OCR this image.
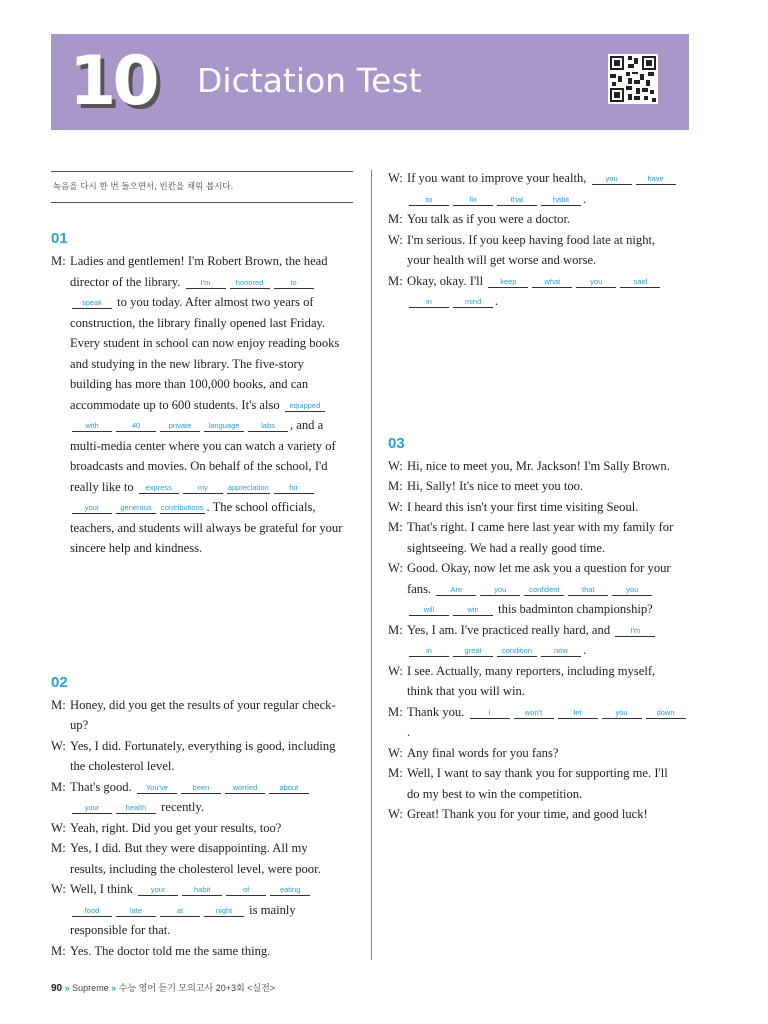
10 Dictation Test
녹음을 다시 한 번 들으면서, 빈칸을 채워 봅시다.
01
M: Ladies and gentlemen! I'm Robert Brown, the head
director of the library.	I'm	honored	to
speak to you today. After almost two years of
construction, the library finally opened last Friday.
Every student in school can now enjoy reading books
and studying in the new library. The five-story
building has more than 100,000 books, and can
accommodate up to 600 students. It's also equipped
with	40	private language	labs , and a
multi-media center where you can watch a variety of
broadcasts and movies. On behalf of the school, I'd
really like to express	my	appreciation	for
your	generous contributions . The school officials,
teachers, and students will always be grateful for your
sincere help and kindness.
02
M: Honey, did you get the results of your regular check-
up?
W: Yes, I did. Fortunately, everything is good, including
the cholesterol level.
M: That's good. You've	been	worried	about
your	health recently.
W: Yeah, right. Did you get your results, too?
M: Yes, I did. But they were disappointing. All my
results, including the cholesterol level, were poor.
W: Well, I think your	habit	of	eating
food	late	at	night is mainly
responsible for that.
M: Yes. The doctor told me the same thing.
W: If you want to improve your health,	you	have
to	fix	that	habit .
M: You talk as if you were a doctor.
W: I'm serious. If you keep having food late at night,
your health will get worse and worse.
M: Okay, okay. I'll keep	what	you	said
in	mind .
03
W: Hi, nice to meet you, Mr. Jackson! I'm Sally Brown.
M: Hi, Sally! It's nice to meet you too.
W: I heard this isn't your first time visiting Seoul.
M: That's right. I came here last year with my family for
sightseeing. We had a really good time.
W: Good. Okay, now let me ask you a question for your
fans.	Are	you	confident	that	you
will	win this badminton championship?
M: Yes, I am. I've practiced really hard, and	I'm
in	great	condition	now .
W: I see. Actually, many reporters, including myself,
think that you will win.
M: Thank you.	I	won't	let	you	down.
W: Any final words for you fans?
M: Well, I want to say thank you for supporting me. I'll
do my best to win the competition.
W: Great! Thank you for your time, and good luck!
90 » Supreme » 수능 영어 듣기 모의고사 20+3회 <실전>
